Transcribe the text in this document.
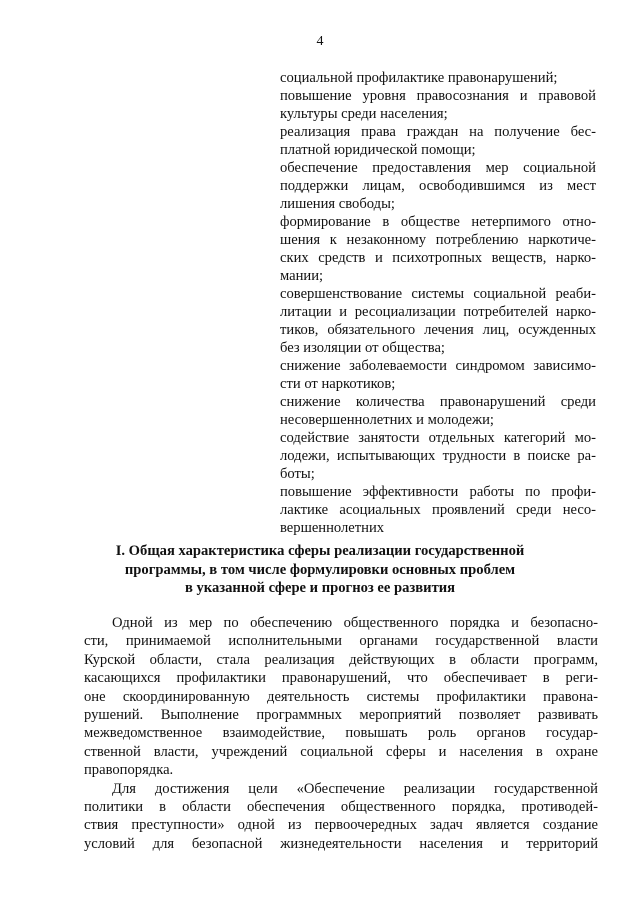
4
социальной профилактике правонарушений;
повышение уровня правосознания и правовой
культуры среди населения;
реализация права граждан на получение бес-
платной юридической помощи;
обеспечение предоставления мер социальной
поддержки лицам, освободившимся из мест
лишения свободы;
формирование в обществе нетерпимого отно-
шения к незаконному потреблению наркотиче-
ских средств и психотропных веществ, нарко-
мании;
совершенствование системы социальной реаби-
литации и ресоциализации потребителей нарко-
тиков, обязательного лечения лиц, осужденных
без изоляции от общества;
снижение заболеваемости синдромом зависимо-
сти от наркотиков;
снижение количества правонарушений среди
несовершеннолетних и молодежи;
содействие занятости отдельных категорий мо-
лодежи, испытывающих трудности в поиске ра-
боты;
повышение эффективности работы по профи-
лактике асоциальных проявлений среди несо-
вершеннолетних
I. Общая характеристика сферы реализации государственной
программы, в том числе формулировки основных проблем
в указанной сфере и прогноз ее развития
Одной из мер по обеспечению общественного порядка и безопасно-
сти, принимаемой исполнительными органами государственной власти
Курской области, стала реализация действующих в области программ,
касающихся профилактики правонарушений, что обеспечивает в реги-
оне скоординированную деятельность системы профилактики правона-
рушений. Выполнение программных мероприятий позволяет развивать
межведомственное взаимодействие, повышать роль органов государ-
ственной власти, учреждений социальной сферы и населения в охране
правопорядка.
Для достижения цели «Обеспечение реализации государственной
политики в области обеспечения общественного порядка, противодей-
ствия преступности» одной из первоочередных задач является создание
условий для безопасной жизнедеятельности населения и территорий
